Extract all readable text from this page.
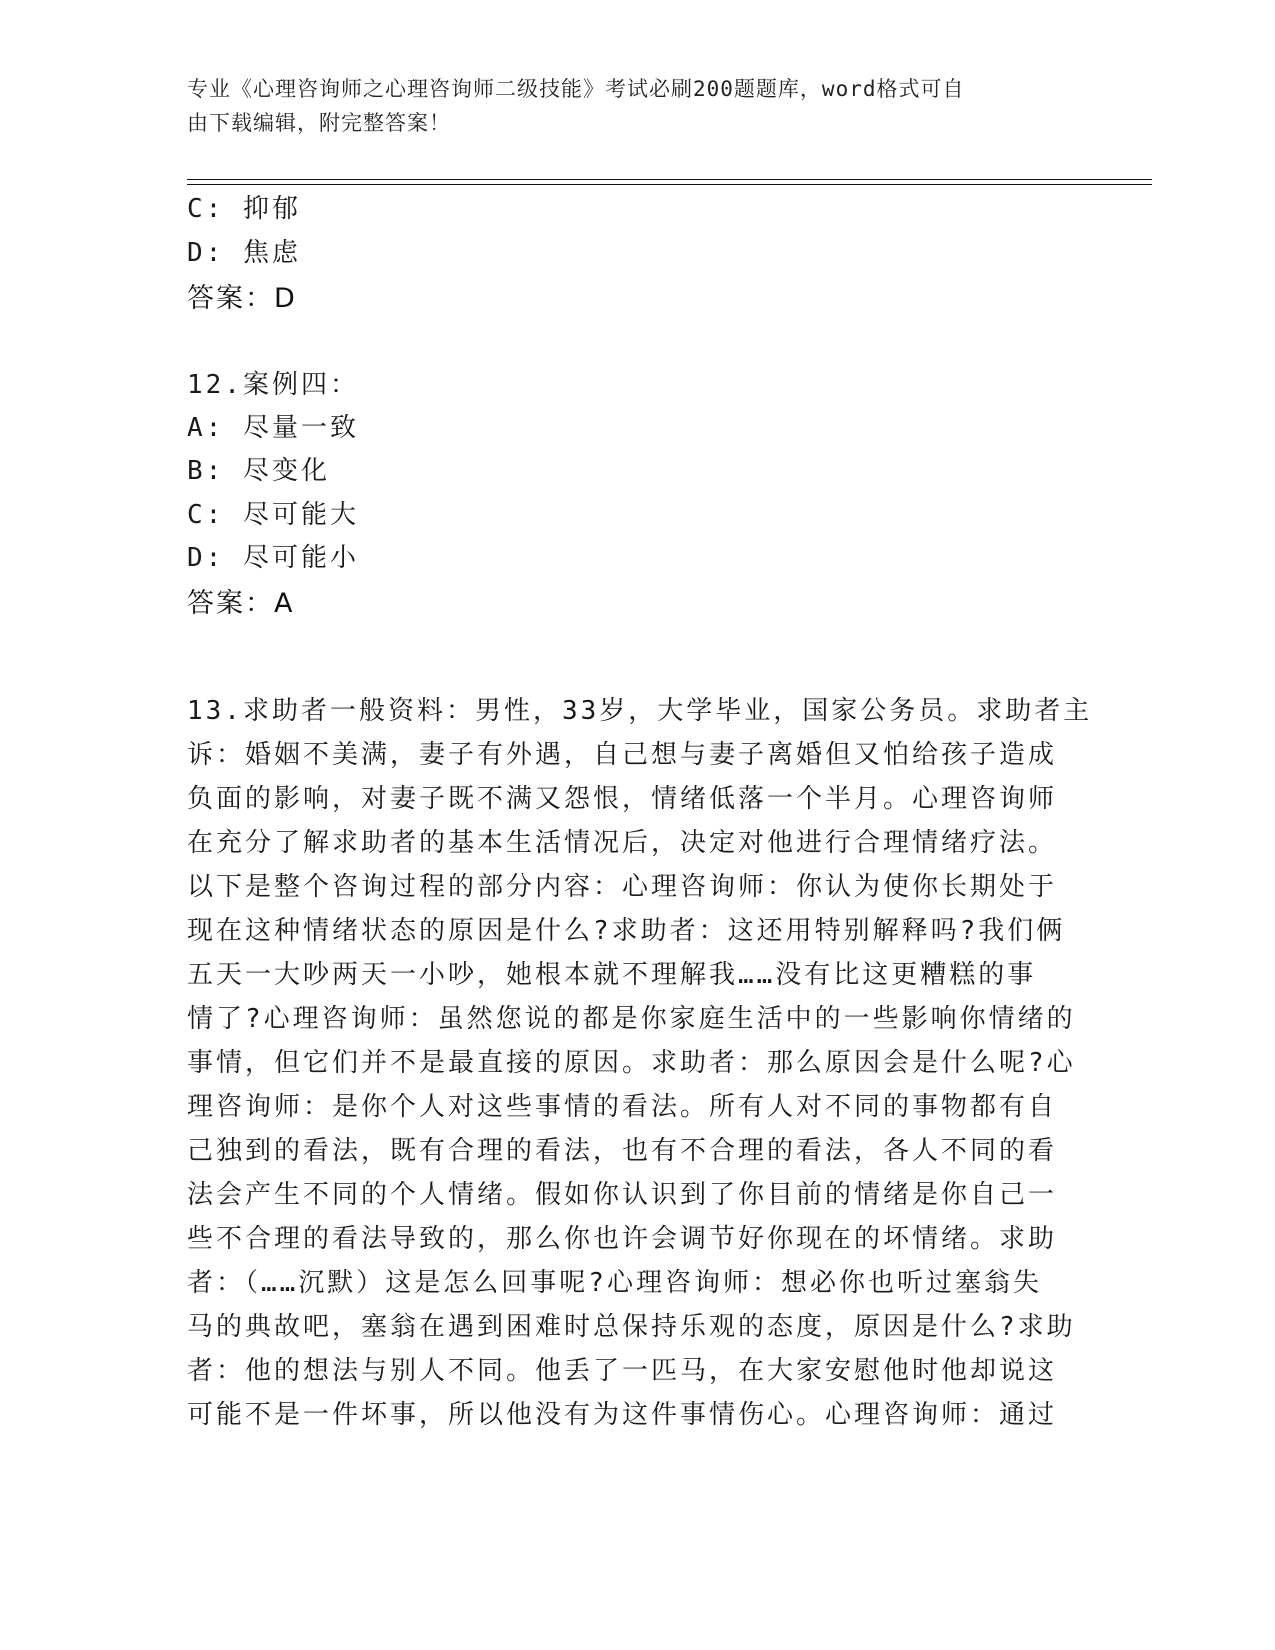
专业《心理咨询师之心理咨询师二级技能》考试必刷200题题库，word格式可自
由下载编辑，附完整答案！
C: 抑郁
D: 焦虑
答案：D
12.案例四：
A: 尽量一致
B: 尽变化
C: 尽可能大
D: 尽可能小
答案：A
13.求助者一般资料：男性，33岁，大学毕业，国家公务员。求助者主
诉：婚姻不美满，妻子有外遇，自己想与妻子离婚但又怕给孩子造成
负面的影响，对妻子既不满又怨恨，情绪低落一个半月。心理咨询师
在充分了解求助者的基本生活情况后，决定对他进行合理情绪疗法。
以下是整个咨询过程的部分内容：心理咨询师：你认为使你长期处于
现在这种情绪状态的原因是什么?求助者：这还用特别解释吗?我们俩
五天一大吵两天一小吵，她根本就不理解我……没有比这更糟糕的事
情了?心理咨询师：虽然您说的都是你家庭生活中的一些影响你情绪的
事情，但它们并不是最直接的原因。求助者：那么原因会是什么呢?心
理咨询师：是你个人对这些事情的看法。所有人对不同的事物都有自
己独到的看法，既有合理的看法，也有不合理的看法，各人不同的看
法会产生不同的个人情绪。假如你认识到了你目前的情绪是你自己一
些不合理的看法导致的，那么你也许会调节好你现在的坏情绪。求助
者：（……沉默）这是怎么回事呢?心理咨询师：想必你也听过塞翁失
马的典故吧，塞翁在遇到困难时总保持乐观的态度，原因是什么?求助
者：他的想法与别人不同。他丢了一匹马，在大家安慰他时他却说这
可能不是一件坏事，所以他没有为这件事情伤心。心理咨询师：通过
